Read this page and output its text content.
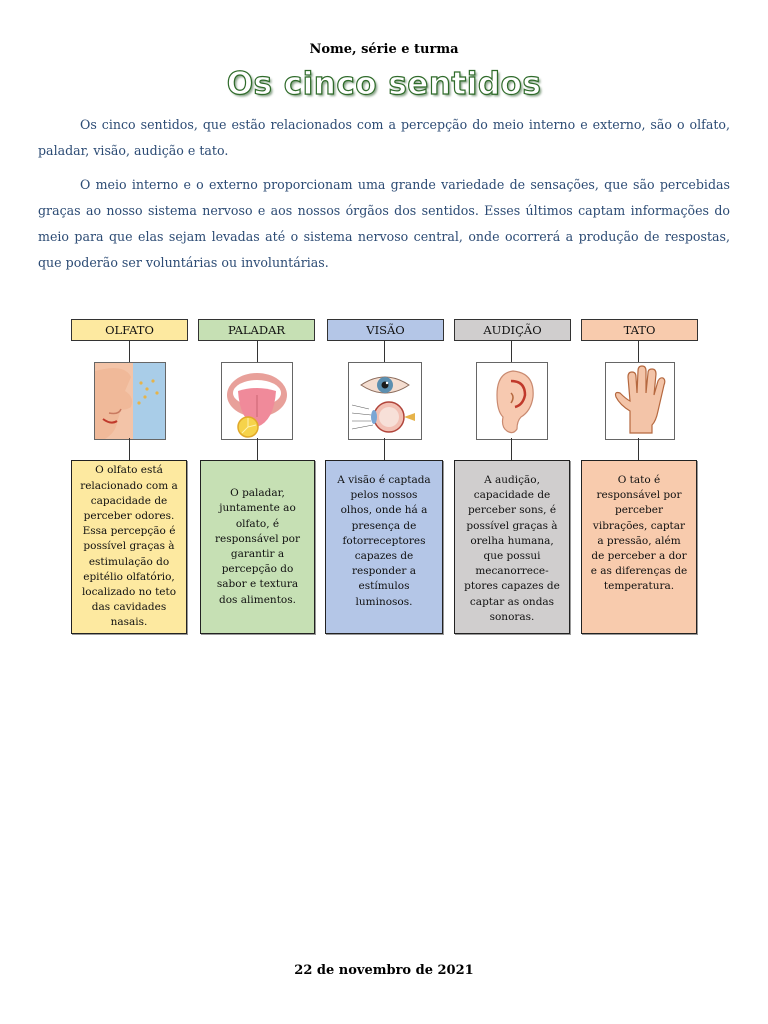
Nome, série e turma
Os cinco sentidos

Os cinco sentidos, que estão relacionados com a percepção do meio interno e externo, são o olfato, paladar, visão, audição e tato.

O meio interno e o externo proporcionam uma grande variedade de sensações, que são percebidas graças ao nosso sistema nervoso e aos nossos órgãos dos sentidos. Esses últimos captam informações do meio para que elas sejam levadas até o sistema nervoso central, onde ocorrerá a produção de respostas, que poderão ser voluntárias ou involuntárias.

OLFATO
O olfato está relacionado com a capacidade de perceber odores. Essa percepção é possível graças à estimulação do epitélio olfatório, localizado no teto das cavidades nasais.
PALADAR
O paladar, juntamente ao olfato, é responsável por garantir a percepção do sabor e textura dos alimentos.
VISÃO
A visão é captada pelos nossos olhos, onde há a presença de fotorreceptores capazes de responder a estímulos luminosos.
AUDIÇÃO
A audição, capacidade de perceber sons, é possível graças à orelha humana, que possui mecanorrece-ptores capazes de captar as ondas sonoras.
TATO
O tato é responsável por perceber vibrações, captar a pressão, além de perceber a dor e as diferenças de temperatura.
22 de novembro de 2021
